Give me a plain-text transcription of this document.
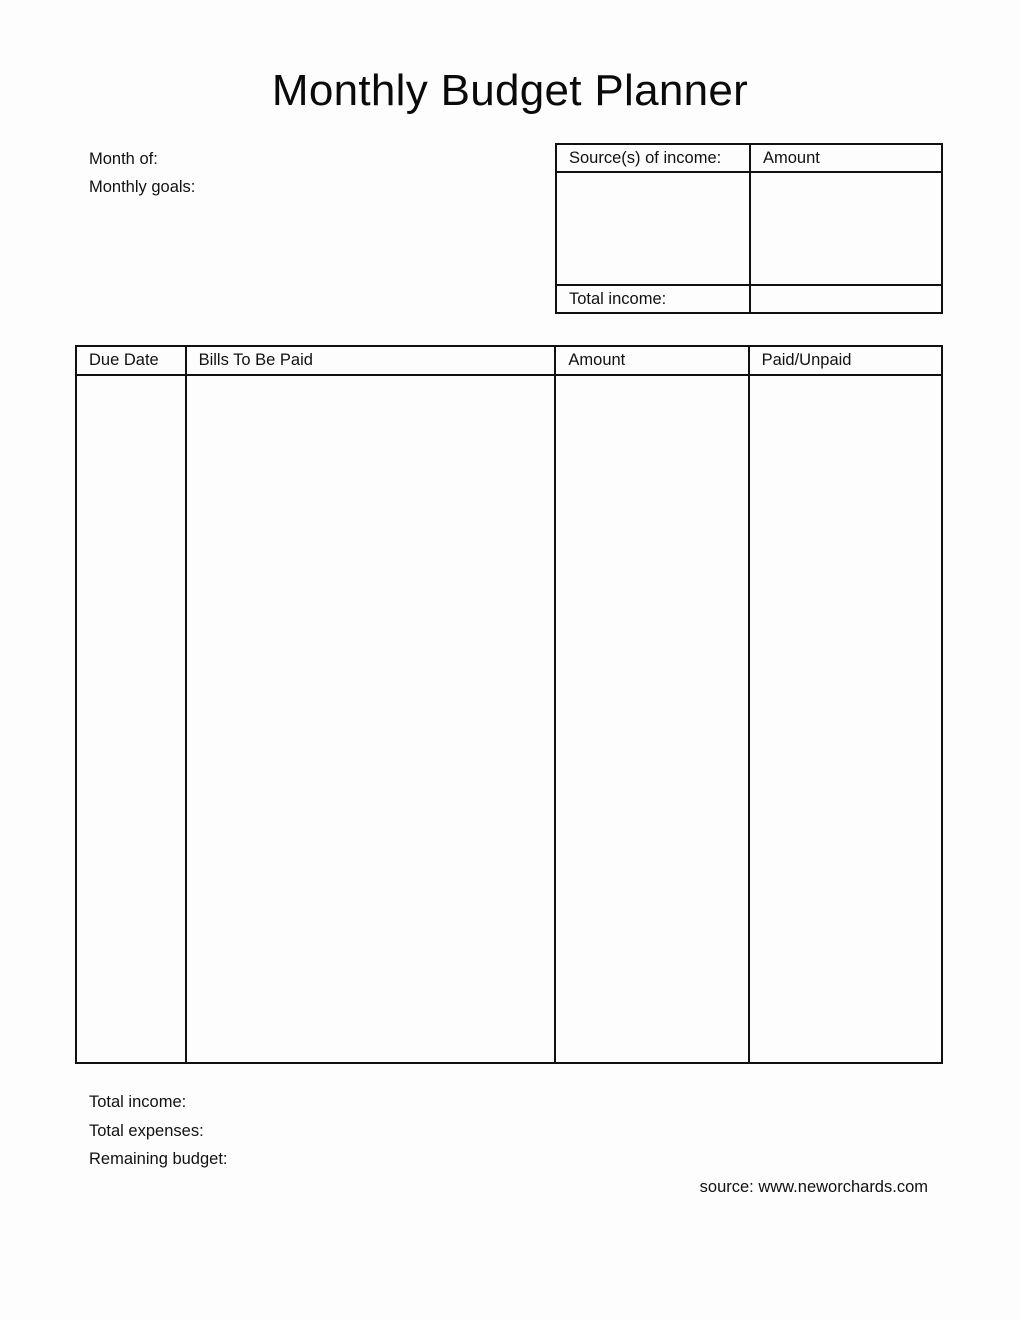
Monthly Budget Planner
Month of:
Monthly goals:
Source(s) of income:	Amount

Total income:	
Due Date	Bills To Be Paid	Amount	Paid/Unpaid

Total income:
Total expenses:
Remaining budget:
source: www.neworchards.com
